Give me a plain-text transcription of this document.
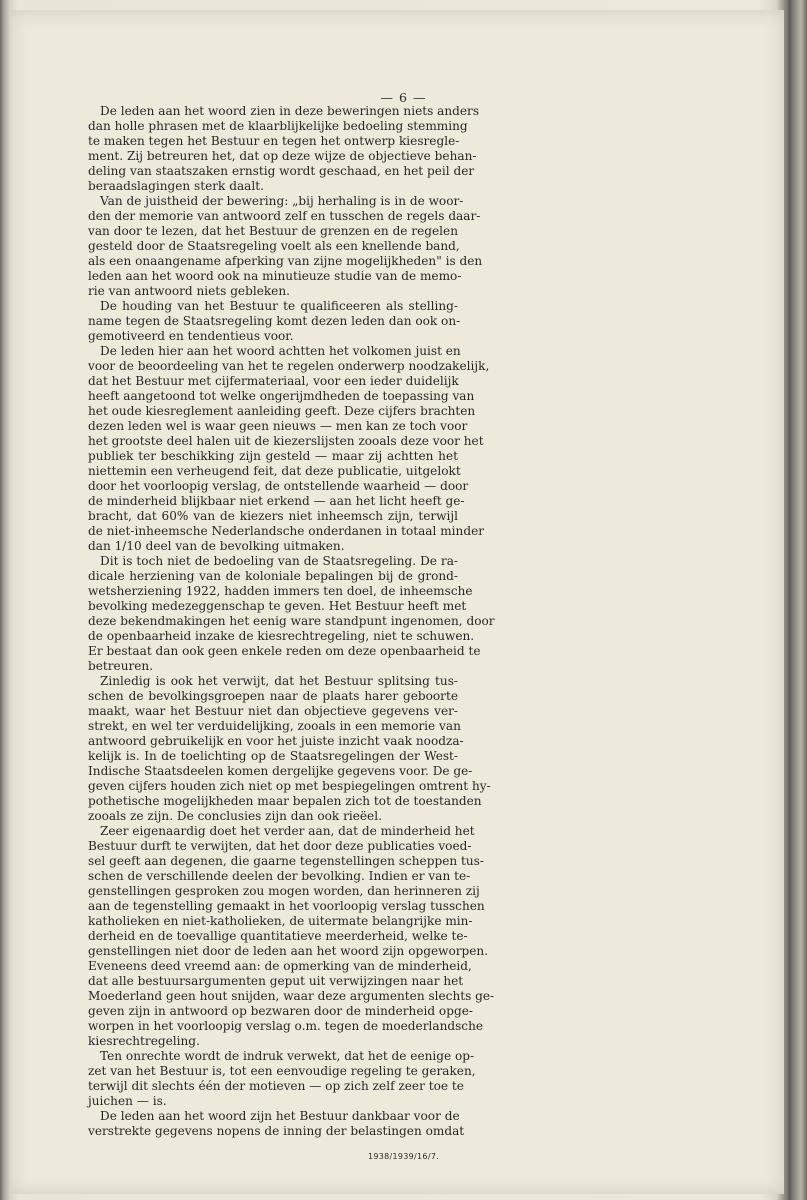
— 6 —
De leden aan het woord zien in deze beweringen niets anders
dan holle phrasen met de klaarblijkelijke bedoeling stemming
te maken tegen het Bestuur en tegen het ontwerp kiesregle-
ment. Zij betreuren het, dat op deze wijze de objectieve behan-
deling van staatszaken ernstig wordt geschaad, en het peil der
beraadslagingen sterk daalt.
Van de juistheid der bewering: „bij herhaling is in de woor-
den der memorie van antwoord zelf en tusschen de regels daar-
van door te lezen, dat het Bestuur de grenzen en de regelen
gesteld door de Staatsregeling voelt als een knellende band,
als een onaangename afperking van zijne mogelijkheden" is den
leden aan het woord ook na minutieuze studie van de memo-
rie van antwoord niets gebleken.
De houding van het Bestuur te qualificeeren als stelling-
name tegen de Staatsregeling komt dezen leden dan ook on-
gemotiveerd en tendentieus voor.
De leden hier aan het woord achtten het volkomen juist en
voor de beoordeeling van het te regelen onderwerp noodzakelijk,
dat het Bestuur met cijfermateriaal, voor een ieder duidelijk
heeft aangetoond tot welke ongerijmdheden de toepassing van
het oude kiesreglement aanleiding geeft. Deze cijfers brachten
dezen leden wel is waar geen nieuws — men kan ze toch voor
het grootste deel halen uit de kiezerslijsten zooals deze voor het
publiek ter beschikking zijn gesteld — maar zij achtten het
niettemin een verheugend feit, dat deze publicatie, uitgelokt
door het voorloopig verslag, de ontstellende waarheid — door
de minderheid blijkbaar niet erkend — aan het licht heeft ge-
bracht, dat 60% van de kiezers niet inheemsch zijn, terwijl
de niet-inheemsche Nederlandsche onderdanen in totaal minder
dan 1/10 deel van de bevolking uitmaken.
Dit is toch niet de bedoeling van de Staatsregeling. De ra-
dicale herziening van de koloniale bepalingen bij de grond-
wetsherziening 1922, hadden immers ten doel, de inheemsche
bevolking medezeggenschap te geven. Het Bestuur heeft met
deze bekendmakingen het eenig ware standpunt ingenomen, door
de openbaarheid inzake de kiesrechtregeling, niet te schuwen.
Er bestaat dan ook geen enkele reden om deze openbaarheid te
betreuren.
Zinledig is ook het verwijt, dat het Bestuur splitsing tus-
schen de bevolkingsgroepen naar de plaats harer geboorte
maakt, waar het Bestuur niet dan objectieve gegevens ver-
strekt, en wel ter verduidelijking, zooals in een memorie van
antwoord gebruikelijk en voor het juiste inzicht vaak noodza-
kelijk is. In de toelichting op de Staatsregelingen der West-
Indische Staatsdeelen komen dergelijke gegevens voor. De ge-
geven cijfers houden zich niet op met bespiegelingen omtrent hy-
pothetische mogelijkheden maar bepalen zich tot de toestanden
zooals ze zijn. De conclusies zijn dan ook rieëel.
Zeer eigenaardig doet het verder aan, dat de minderheid het
Bestuur durft te verwijten, dat het door deze publicaties voed-
sel geeft aan degenen, die gaarne tegenstellingen scheppen tus-
schen de verschillende deelen der bevolking. Indien er van te-
genstellingen gesproken zou mogen worden, dan herinneren zij
aan de tegenstelling gemaakt in het voorloopig verslag tusschen
katholieken en niet-katholieken, de uitermate belangrijke min-
derheid en de toevallige quantitatieve meerderheid, welke te-
genstellingen niet door de leden aan het woord zijn opgeworpen.
Eveneens deed vreemd aan: de opmerking van de minderheid,
dat alle bestuursargumenten geput uit verwijzingen naar het
Moederland geen hout snijden, waar deze argumenten slechts ge-
geven zijn in antwoord op bezwaren door de minderheid opge-
worpen in het voorloopig verslag o.m. tegen de moederlandsche
kiesrechtregeling.
Ten onrechte wordt de indruk verwekt, dat het de eenige op-
zet van het Bestuur is, tot een eenvoudige regeling te geraken,
terwijl dit slechts één der motieven — op zich zelf zeer toe te
juichen — is.
De leden aan het woord zijn het Bestuur dankbaar voor de
verstrekte gegevens nopens de inning der belastingen omdat
1938/1939/16/7.
